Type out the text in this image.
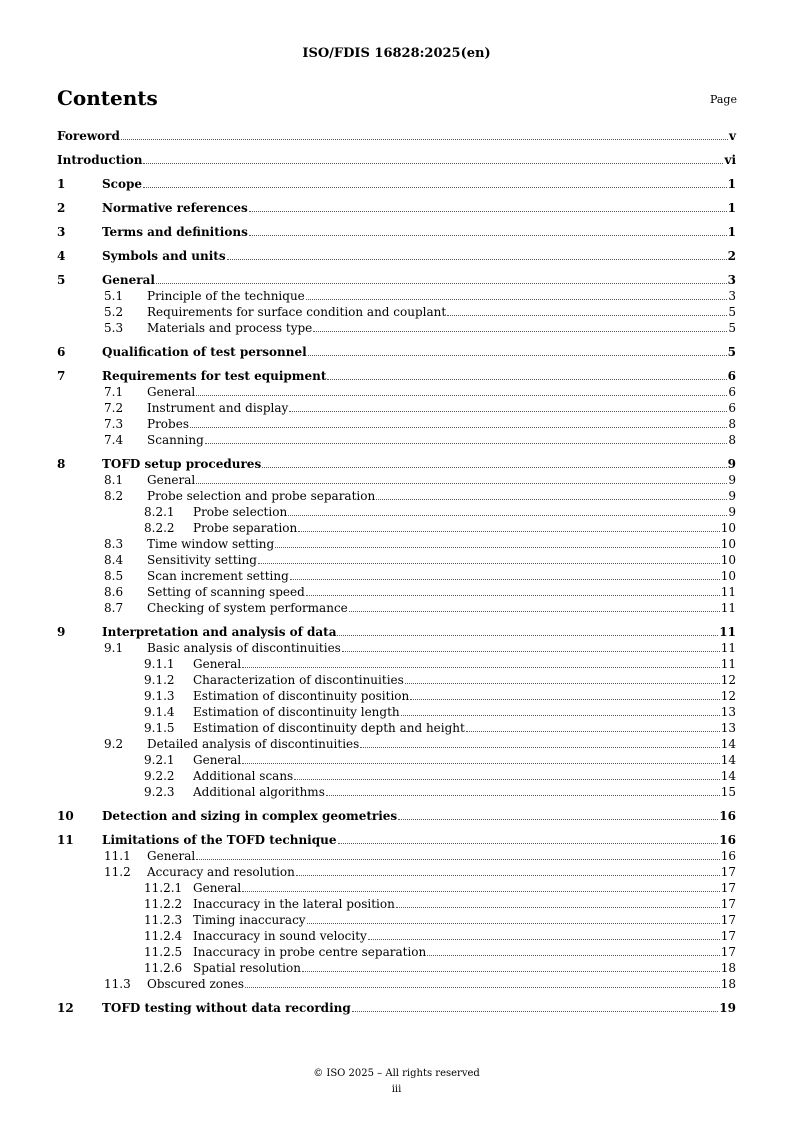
ISO/FDIS 16828:2025(en)
Contents	Page
Foreword	v
Introduction	vi
1	Scope	1
2	Normative references	1
3	Terms and definitions	1
4	Symbols and units	2
5	General	3
5.1 Principle of the technique	3
5.2 Requirements for surface condition and couplant	5
5.3 Materials and process type	5
6	Qualification of test personnel	5
7	Requirements for test equipment	6
7.1 General	6
7.2 Instrument and display	6
7.3 Probes	8
7.4 Scanning	8
8	TOFD setup procedures	9
8.1 General	9
8.2 Probe selection and probe separation	9
8.2.1 Probe selection	9
8.2.2 Probe separation	10
8.3 Time window setting	10
8.4 Sensitivity setting	10
8.5 Scan increment setting	10
8.6 Setting of scanning speed	11
8.7 Checking of system performance	11
9	Interpretation and analysis of data	11
9.1 Basic analysis of discontinuities	11
9.1.1 General	11
9.1.2 Characterization of discontinuities	12
9.1.3 Estimation of discontinuity position	12
9.1.4 Estimation of discontinuity length	13
9.1.5 Estimation of discontinuity depth and height	13
9.2 Detailed analysis of discontinuities	14
9.2.1 General	14
9.2.2 Additional scans	14
9.2.3 Additional algorithms	15
10 Detection and sizing in complex geometries	16
11 Limitations of the TOFD technique	16
11.1 General	16
11.2 Accuracy and resolution	17
11.2.1 General	17
11.2.2 Inaccuracy in the lateral position	17
11.2.3 Timing inaccuracy	17
11.2.4 Inaccuracy in sound velocity	17
11.2.5 Inaccuracy in probe centre separation	17
11.2.6 Spatial resolution	18
11.3 Obscured zones	18
12 TOFD testing without data recording	19
© ISO 2025 – All rights reserved
iii
